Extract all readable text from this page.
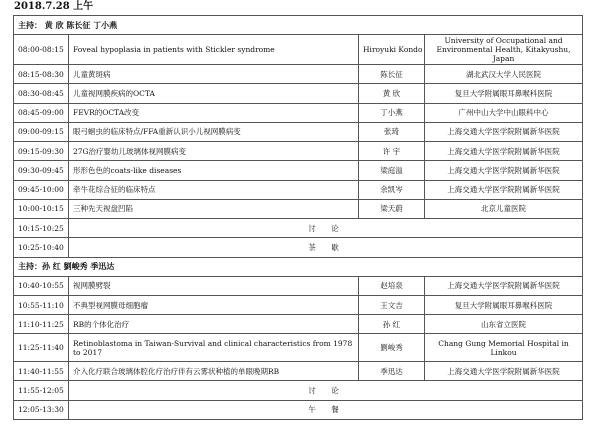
2018.7.28 上午
主持： 黄 欣 陈长征 丁小燕			
08:00-08:15	Foveal hypoplasia in patients with Stickler syndrome	Hiroyuki Kondo	University of Occupational and Environmental Health, Kitakyushu, Japan
08:15-08:30	儿童黄斑病	陈长征	湖北武汉大学人民医院
08:30-08:45	儿童视网膜疾病的OCTA	黄 欣	复旦大学附属眼耳鼻喉科医院
08:45-09:00	FEVR的OCTA改变	丁小燕	广州中山大学中山眼科中心
09:00-09:15	眼弓蛔虫的临床特点/FFA重新认识小儿视网膜病变	张琦	上海交通大学医学院附属新华医院
09:15-09:30	27G治疗婴幼儿玻璃体视网膜病变	许 宇	上海交通大学医学院附属新华医院
09:30-09:45	形形色色的coats-like diseases	梁庭溢	上海交通大学医学院附属新华医院
09:45-10:00	牵牛花综合征的临床特点	余凯岑	上海交通大学医学院附属新华医院
10:00-10:15	三种先天视盘凹陷	梁天蔚	北京儿童医院
10:15-10:25	讨　论		
10:25-10:40	茶　歇		
主持：孙 红 劉峻秀 季迅达			
10:40-10:55	视网膜劈裂	赵培泉	上海交通大学医学院附属新华医院
10:55-11:10	不典型视网膜母细胞瘤	王文吉	复旦大学附属眼耳鼻喉科医院
11:10-11:25	RB的个体化治疗	孙 红	山东省立医院
11:25-11:40	Retinoblastoma in Taiwan-Survival and clinical characteristics from 1978 to 2017	劉峻秀	Chang Gung Memorial Hospital in Linkou
11:40-11:55	介入化疗联合玻璃体腔化疗治疗伴有云雾状种植的单眼晚期RB	季迅达	上海交通大学医学院附属新华医院
11:55-12:05	讨　论		
12:05-13:30	午　餐		
